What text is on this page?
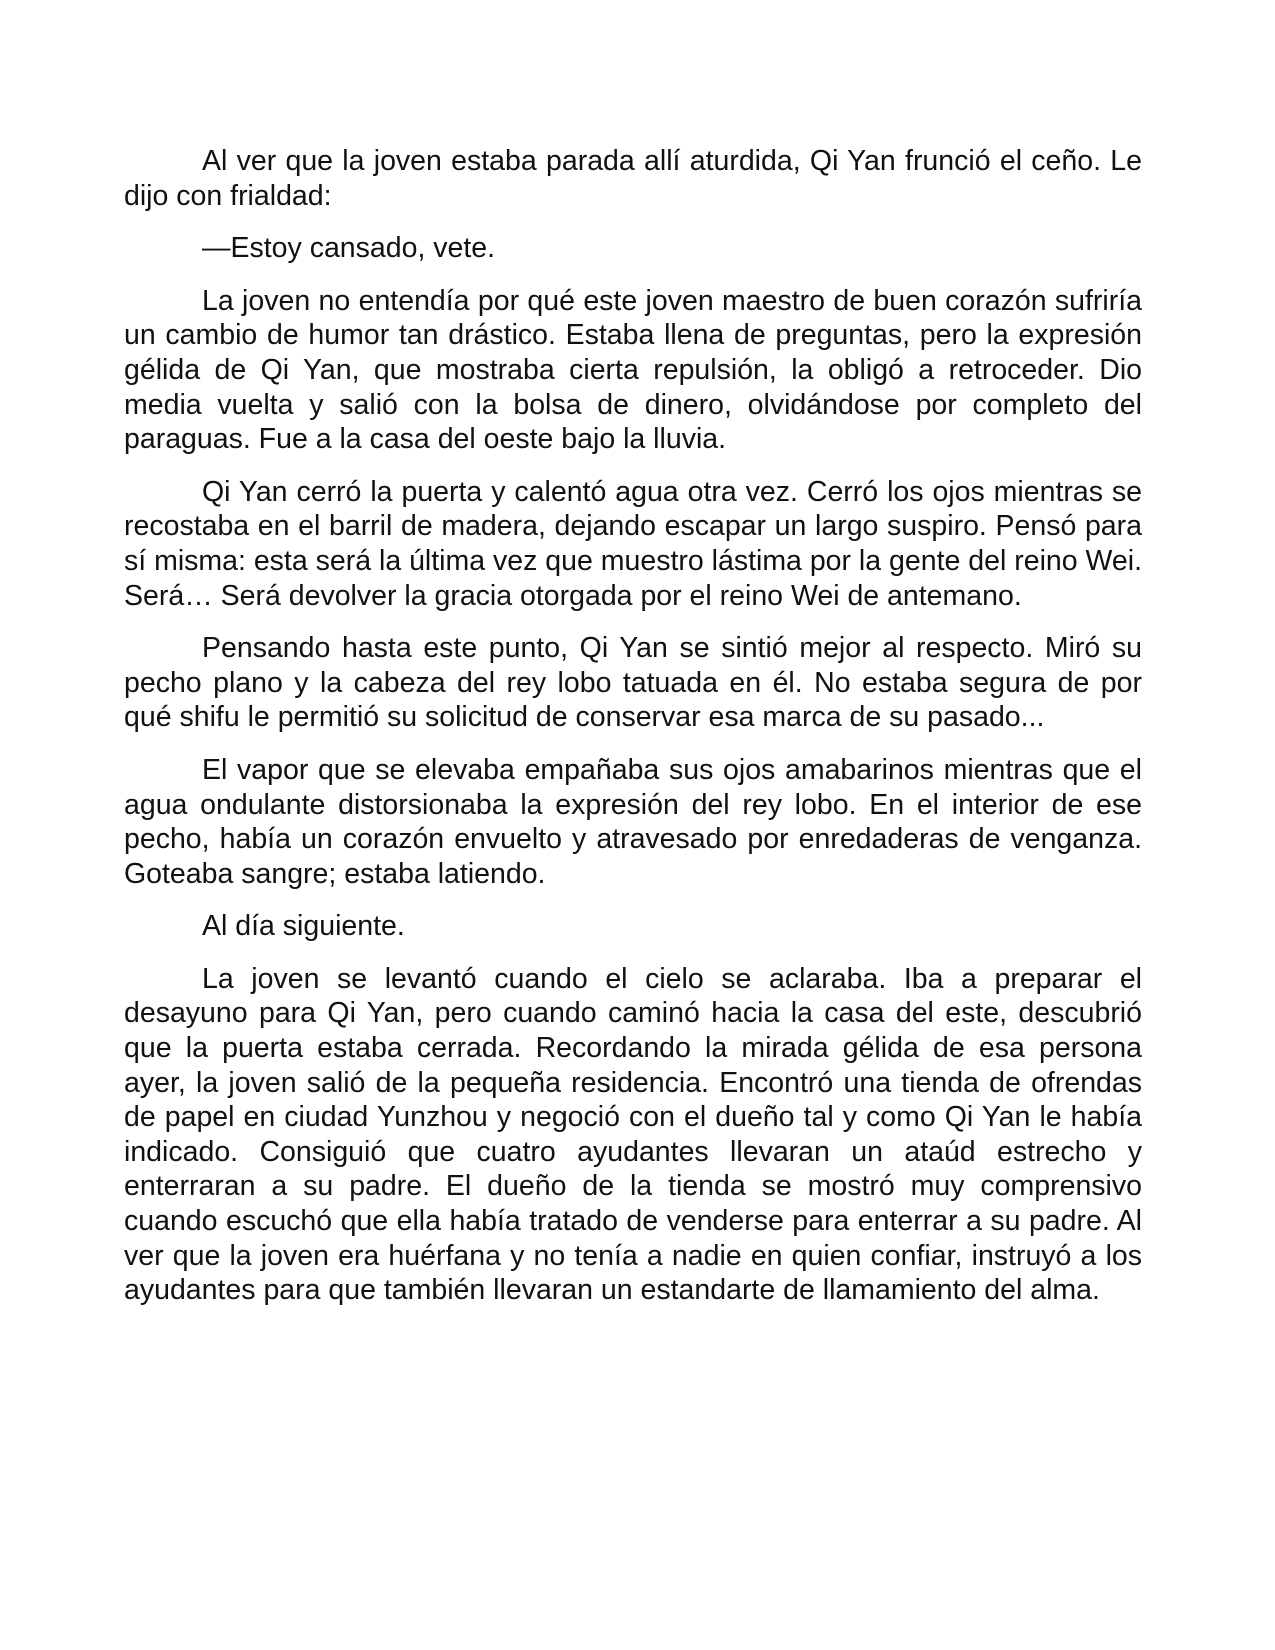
Al ver que la joven estaba parada allí aturdida, Qi Yan frunció el ceño. Le dijo con frialdad:

—Estoy cansado, vete.

La joven no entendía por qué este joven maestro de buen corazón sufriría un cambio de humor tan drástico. Estaba llena de preguntas, pero la expresión gélida de Qi Yan, que mostraba cierta repulsión, la obligó a retroceder. Dio media vuelta y salió con la bolsa de dinero, olvidándose por completo del paraguas. Fue a la casa del oeste bajo la lluvia.

Qi Yan cerró la puerta y calentó agua otra vez. Cerró los ojos mientras se recostaba en el barril de madera, dejando escapar un largo suspiro. Pensó para sí misma: esta será la última vez que muestro lástima por la gente del reino Wei. Será… Será devolver la gracia otorgada por el reino Wei de antemano.

Pensando hasta este punto, Qi Yan se sintió mejor al respecto. Miró su pecho plano y la cabeza del rey lobo tatuada en él. No estaba segura de por qué shifu le permitió su solicitud de conservar esa marca de su pasado...

El vapor que se elevaba empañaba sus ojos amabarinos mientras que el agua ondulante distorsionaba la expresión del rey lobo. En el interior de ese pecho, había un corazón envuelto y atravesado por enredaderas de venganza. Goteaba sangre; estaba latiendo.

Al día siguiente.

La joven se levantó cuando el cielo se aclaraba. Iba a preparar el desayuno para Qi Yan, pero cuando caminó hacia la casa del este, descubrió que la puerta estaba cerrada. Recordando la mirada gélida de esa persona ayer, la joven salió de la pequeña residencia. Encontró una tienda de ofrendas de papel en ciudad Yunzhou y negoció con el dueño tal y como Qi Yan le había indicado. Consiguió que cuatro ayudantes llevaran un ataúd estrecho y enterraran a su padre. El dueño de la tienda se mostró muy comprensivo cuando escuchó que ella había tratado de venderse para enterrar a su padre. Al ver que la joven era huérfana y no tenía a nadie en quien confiar, instruyó a los ayudantes para que también llevaran un estandarte de llamamiento del alma.
